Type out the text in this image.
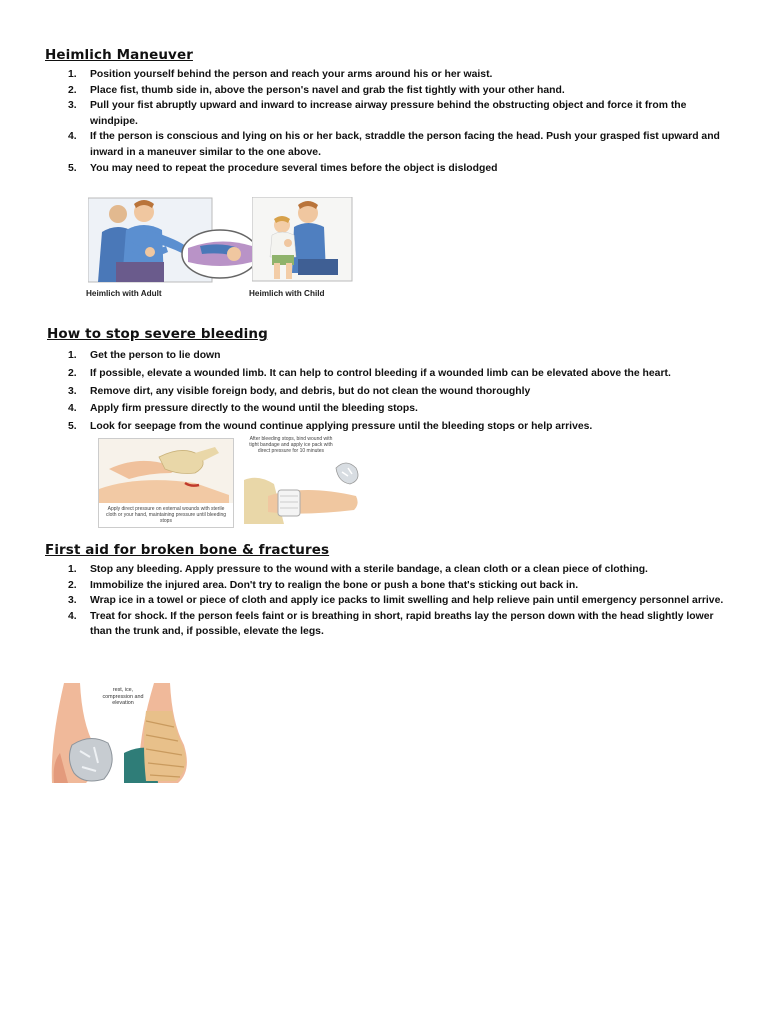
Heimlich Maneuver
1. Position yourself behind the person and reach your arms around his or her waist.
2. Place fist, thumb side in, above the person's navel and grab the fist tightly with your other hand.
3. Pull your fist abruptly upward and inward to increase airway pressure behind the obstructing object and force it from the windpipe.
4. If the person is conscious and lying on his or her back, straddle the person facing the head. Push your grasped fist upward and inward in a maneuver similar to the one above.
5. You may need to repeat the procedure several times before the object is dislodged
Heimlich with Adult	Heimlich with Child
How to stop severe bleeding
1. Get the person to lie down
2. If possible, elevate a wounded limb. It can help to control bleeding if a wounded limb can be elevated above the heart.
3. Remove dirt, any visible foreign body, and debris, but do not clean the wound thoroughly
4. Apply firm pressure directly to the wound until the bleeding stops.
5. Look for seepage from the wound continue applying pressure until the bleeding stops or help arrives.
Apply direct pressure on external wounds with sterile cloth or your hand, maintaining pressure until bleeding stops
After bleeding stops, bind wound with tight bandage and apply ice pack with direct pressure for 10 minutes
First aid for broken bone & fractures
1. Stop any bleeding. Apply pressure to the wound with a sterile bandage, a clean cloth or a clean piece of clothing.
2. Immobilize the injured area. Don't try to realign the bone or push a bone that's sticking out back in.
3. Wrap ice in a towel or piece of cloth and apply ice packs to limit swelling and help relieve pain until emergency personnel arrive.
4. Treat for shock. If the person feels faint or is breathing in short, rapid breaths lay the person down with the head slightly lower than the trunk and, if possible, elevate the legs.
rest, ice, compression and elevation
